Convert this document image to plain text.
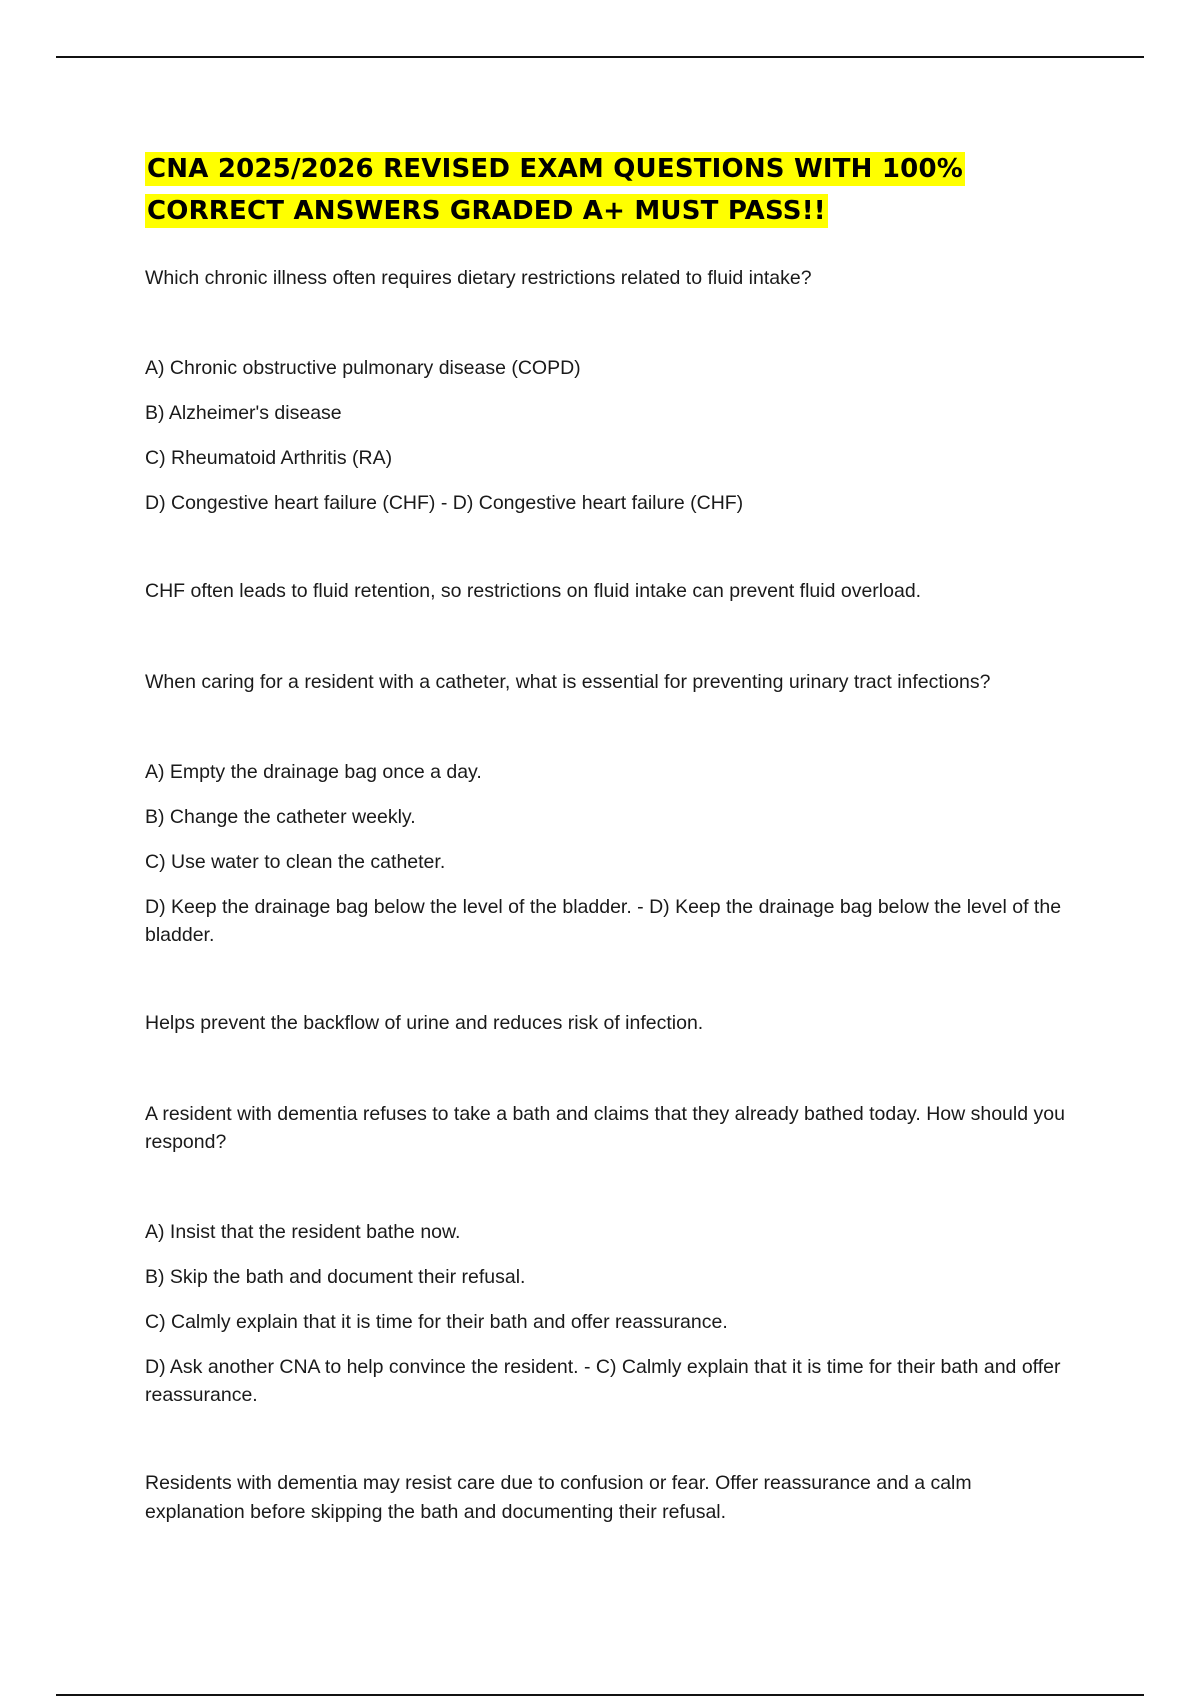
CNA 2025/2026 REVISED EXAM QUESTIONS WITH 100%
CORRECT ANSWERS GRADED A+ MUST PASS!!

Which chronic illness often requires dietary restrictions related to fluid intake?

A) Chronic obstructive pulmonary disease (COPD)
B) Alzheimer's disease
C) Rheumatoid Arthritis (RA)
D) Congestive heart failure (CHF) - D) Congestive heart failure (CHF)

CHF often leads to fluid retention, so restrictions on fluid intake can prevent fluid overload.

When caring for a resident with a catheter, what is essential for preventing urinary tract infections?

A) Empty the drainage bag once a day.
B) Change the catheter weekly.
C) Use water to clean the catheter.
D) Keep the drainage bag below the level of the bladder. - D) Keep the drainage bag below the level of the bladder.

Helps prevent the backflow of urine and reduces risk of infection.

A resident with dementia refuses to take a bath and claims that they already bathed today. How should you respond?

A) Insist that the resident bathe now.
B) Skip the bath and document their refusal.
C) Calmly explain that it is time for their bath and offer reassurance.
D) Ask another CNA to help convince the resident. - C) Calmly explain that it is time for their bath and offer reassurance.

Residents with dementia may resist care due to confusion or fear. Offer reassurance and a calm explanation before skipping the bath and documenting their refusal.
